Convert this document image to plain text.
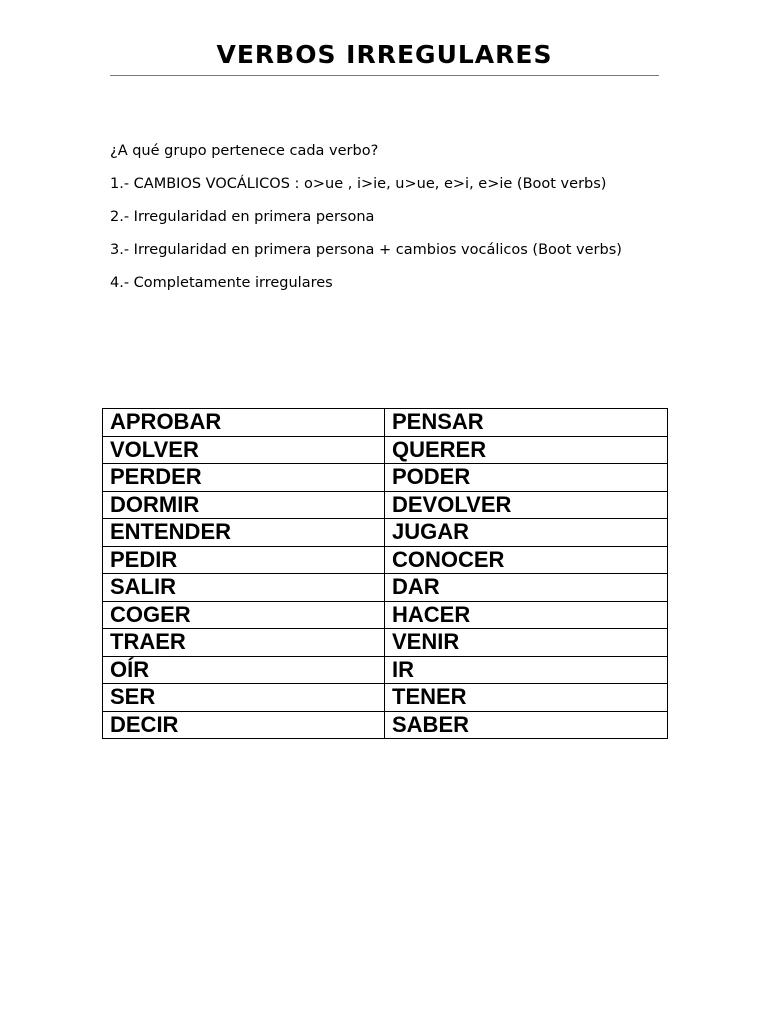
VERBOS IRREGULARES

¿A qué grupo pertenece cada verbo?

1.- CAMBIOS VOCÁLICOS : o>ue , i>ie, u>ue, e>i, e>ie (Boot verbs)

2.- Irregularidad en primera persona

3.- Irregularidad en primera persona + cambios vocálicos (Boot verbs)

4.- Completamente irregulares

APROBAR	PENSAR
VOLVER	QUERER
PERDER	PODER
DORMIR	DEVOLVER
ENTENDER	JUGAR
PEDIR	CONOCER
SALIR	DAR
COGER	HACER
TRAER	VENIR
OÍR	IR
SER	TENER
DECIR	SABER
